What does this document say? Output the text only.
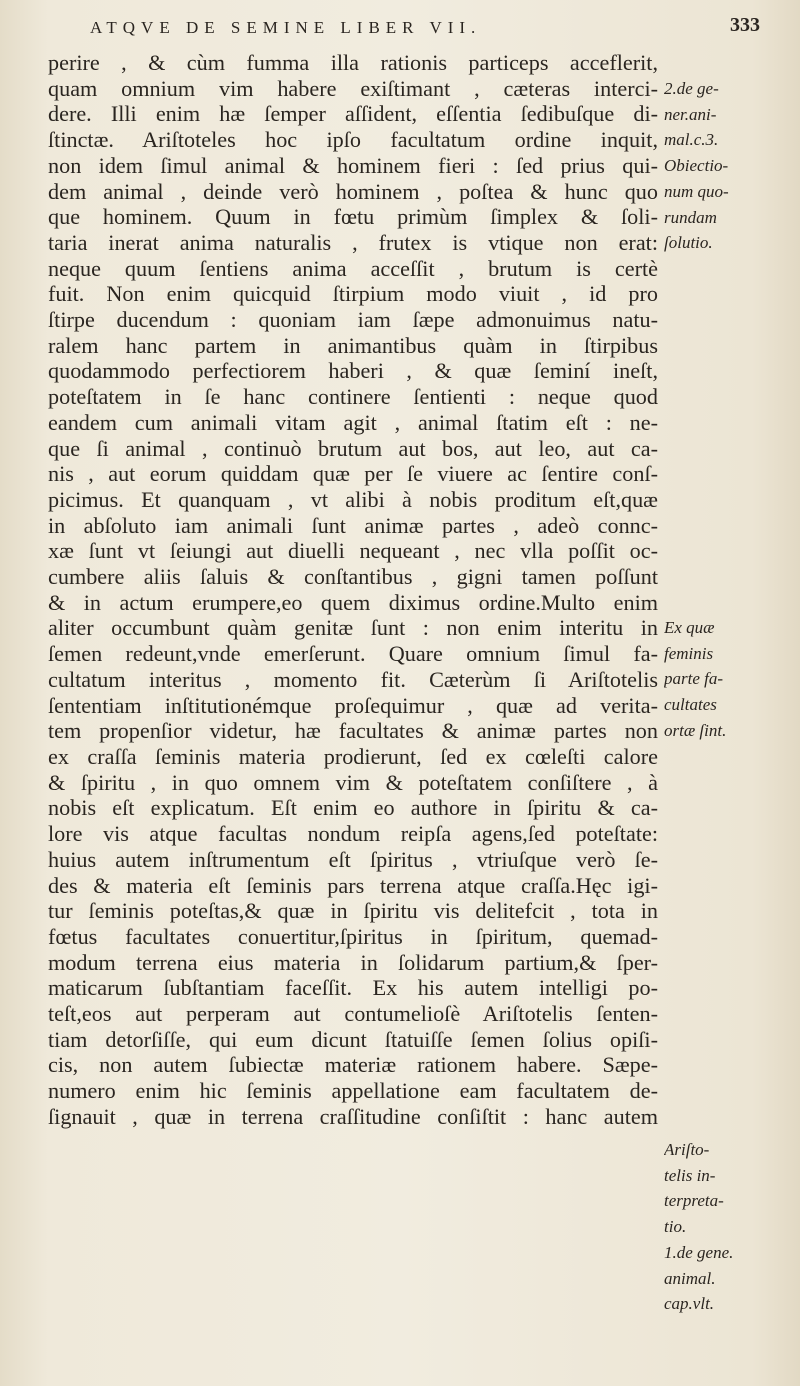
ATQVE DE SEMINE LIBER VII.	333
perire , & cùm fumma illa rationis particeps acceflerit,
quam omnium vim habere exiſtimant , cæteras interci-
dere. Illi enim hæ ſemper aſſident, eſſentia ſedibuſque di-
ſtinctæ. Ariſtoteles hoc ipſo facultatum ordine inquit,
non idem ſimul animal & hominem fieri : ſed prius qui-
dem animal , deinde verò hominem , poſtea & hunc quo
que hominem. Quum in fœtu primùm ſimplex & ſoli-
taria inerat anima naturalis , frutex is vtique non erat:
neque quum ſentiens anima acceſſit , brutum is certè
fuit. Non enim quicquid ſtirpium modo viuit , id pro
ſtirpe ducendum : quoniam iam ſæpe admonuimus natu-
ralem hanc partem in animantibus quàm in ſtirpibus
quodammodo perfectiorem haberi , & quæ ſeminí ineſt,
poteſtatem in ſe hanc continere ſentienti : neque quod
eandem cum animali vitam agit , animal ſtatim eſt : ne-
que ſi animal , continuò brutum aut bos, aut leo, aut ca-
nis , aut eorum quiddam quæ per ſe viuere ac ſentire conſ-
picimus. Et quanquam , vt alibi à nobis proditum eſt,quæ
in abſoluto iam animali ſunt animæ partes , adeò connc-
xæ ſunt vt ſeiungi aut diuelli nequeant , nec vlla poſſit oc-
cumbere aliis ſaluis & conſtantibus , gigni tamen poſſunt
& in actum erumpere,eo quem diximus ordine.Multo enim
aliter occumbunt quàm genitæ ſunt : non enim interitu in
ſemen redeunt,vnde emerſerunt. Quare omnium ſimul fa-
cultatum interitus , momento fit. Cæterùm ſi Ariſtotelis
ſententiam inſtitutionémque proſequimur , quæ ad verita-
tem propenſior videtur, hæ facultates & animæ partes non
ex craſſa ſeminis materia prodierunt, ſed ex cœleſti calore
& ſpiritu , in quo omnem vim & poteſtatem conſiſtere , à
nobis eſt explicatum. Eſt enim eo authore in ſpiritu & ca-
lore vis atque facultas nondum reipſa agens,ſed poteſtate:
huius autem inſtrumentum eſt ſpiritus , vtriuſque verò ſe-
des & materia eſt ſeminis pars terrena atque craſſa.Hęc igi-
tur ſeminis poteſtas,& quæ in ſpiritu vis delitefcit , tota in
fœtus facultates conuertitur,ſpiritus in ſpiritum, quemad-
modum terrena eius materia in ſolidarum partium,& ſper-
maticarum ſubſtantiam faceſſit. Ex his autem intelligi po-
teſt,eos aut perperam aut contumelioſè Ariſtotelis ſenten-
tiam detorſiſſe, qui eum dicunt ſtatuiſſe ſemen ſolius opiſi-
cis, non autem ſubiectæ materiæ rationem habere. Sæpe-
numero enim hic ſeminis appellatione eam facultatem de-
ſignauit , quæ in terrena craſſitudine conſiſtit : hanc autem
2.de ge-
ner.ani-
mal.c.3.
Obiectio-
num quo-
rundam
ſolutio.
Ex quæ
feminis
parte fa-
cultates
ortæ ſint.
Ariſto-
telis in-
terpreta-
tio.
1.de gene.
animal.
cap.vlt.
